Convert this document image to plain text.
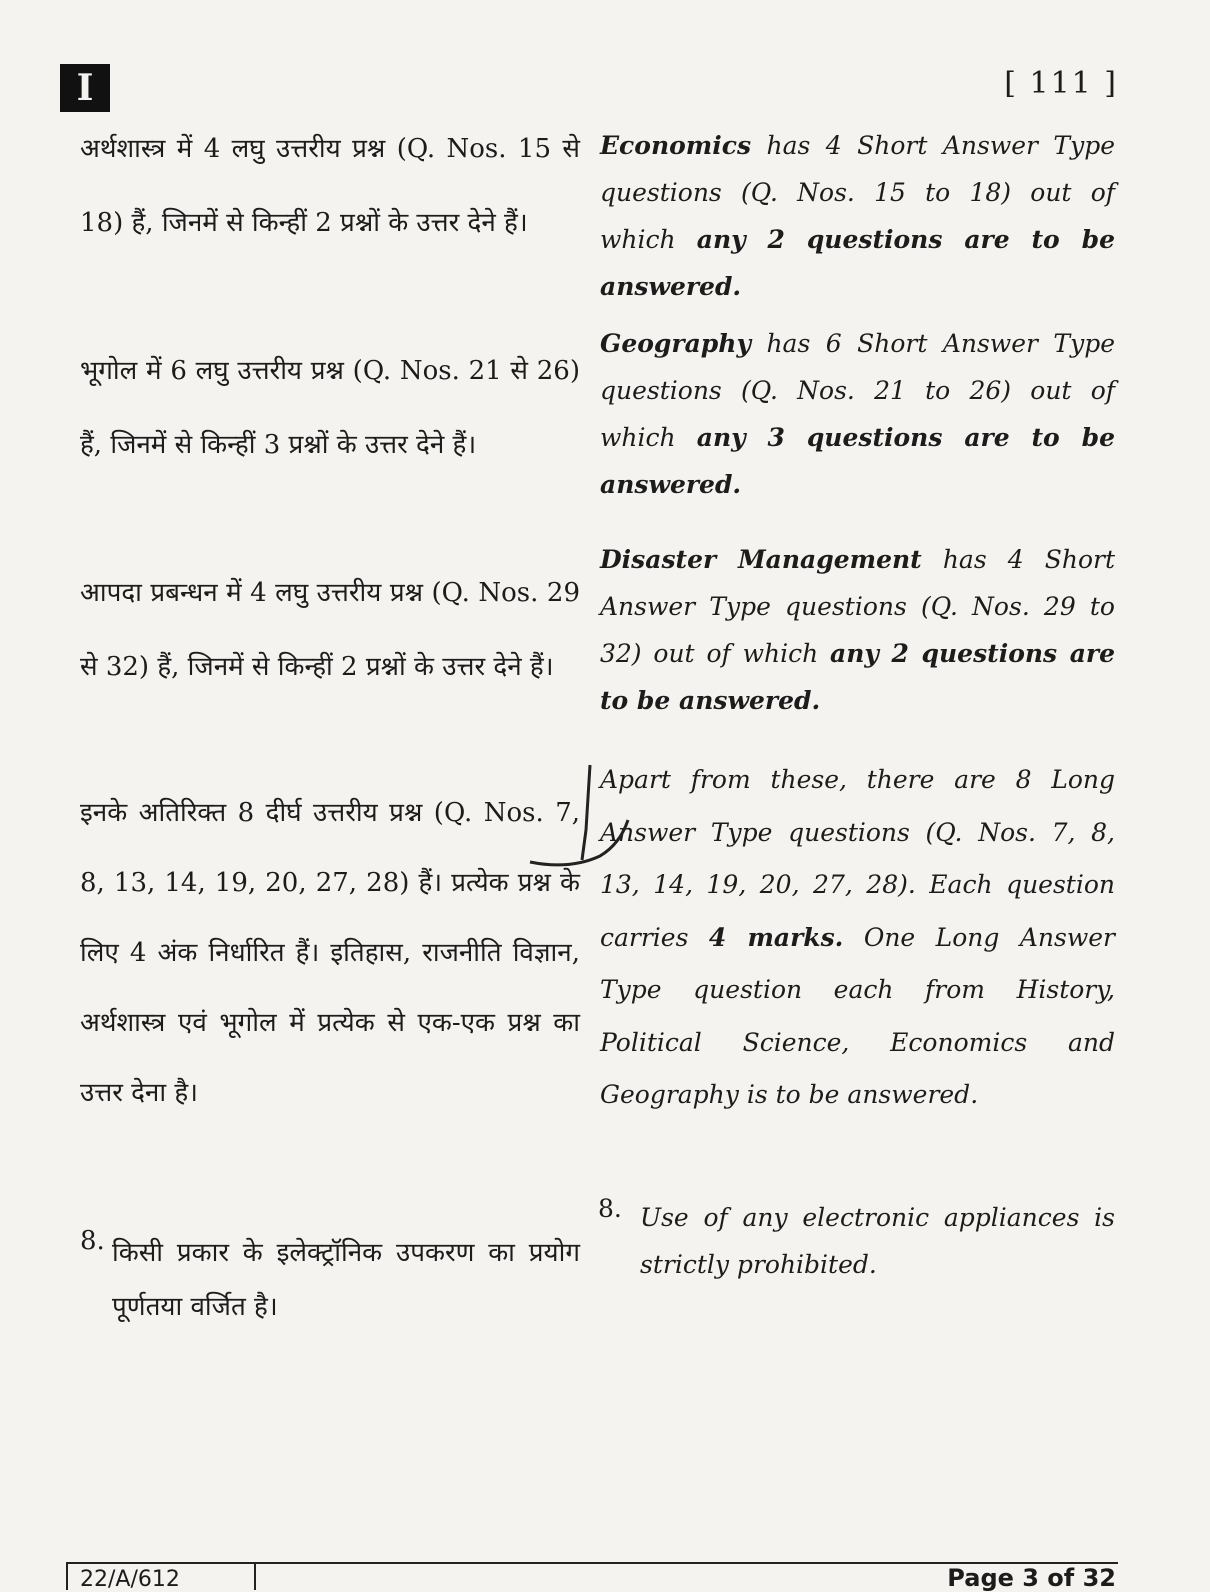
I	[ 111 ]

अर्थशास्त्र में 4 लघु उत्तरीय प्रश्न (Q. Nos. 15 से 18) हैं, जिनमें से किन्हीं 2 प्रश्नों के उत्तर देने हैं।

भूगोल में 6 लघु उत्तरीय प्रश्न (Q. Nos. 21 से 26) हैं, जिनमें से किन्हीं 3 प्रश्नों के उत्तर देने हैं।

आपदा प्रबन्धन में 4 लघु उत्तरीय प्रश्न (Q. Nos. 29 से 32) हैं, जिनमें से किन्हीं 2 प्रश्नों के उत्तर देने हैं।

इनके अतिरिक्त 8 दीर्घ उत्तरीय प्रश्न (Q. Nos. 7, 8, 13, 14, 19, 20, 27, 28) हैं। प्रत्येक प्रश्न के लिए 4 अंक निर्धारित हैं। इतिहास, राजनीति विज्ञान, अर्थशास्त्र एवं भूगोल में प्रत्येक से एक-एक प्रश्न का उत्तर देना है।

8. किसी प्रकार के इलेक्ट्रॉनिक उपकरण का प्रयोग पूर्णतया वर्जित है।

Economics has 4 Short Answer Type questions (Q. Nos. 15 to 18) out of which any 2 questions are to be answered.

Geography has 6 Short Answer Type questions (Q. Nos. 21 to 26) out of which any 3 questions are to be answered.

Disaster Management has 4 Short Answer Type questions (Q. Nos. 29 to 32) out of which any 2 questions are to be answered.

Apart from these, there are 8 Long Answer Type questions (Q. Nos. 7, 8, 13, 14, 19, 20, 27, 28). Each question carries 4 marks. One Long Answer Type question each from History, Political Science, Economics and Geography is to be answered.

8. Use of any electronic appliances is strictly prohibited.

22/A/612	Page 3 of 32
